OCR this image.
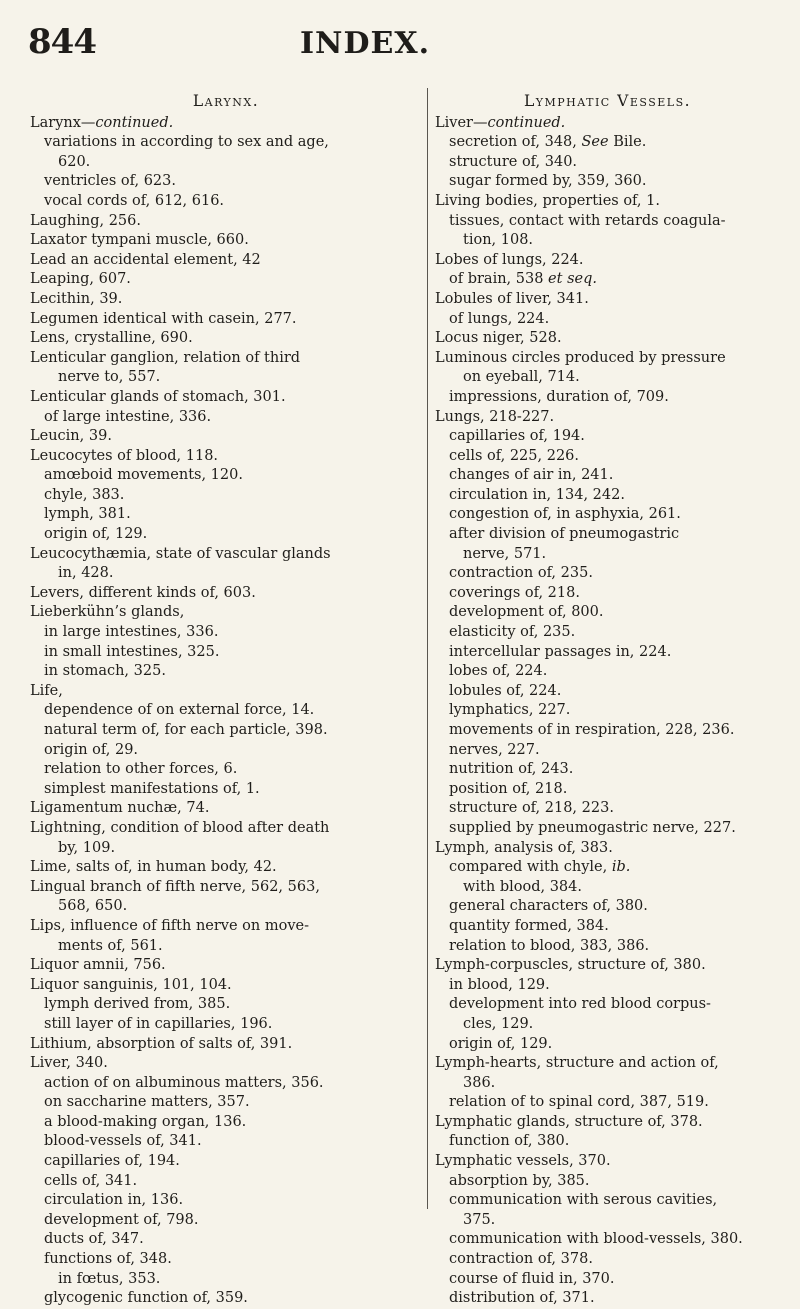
844	INDEX.
Larynx.
Larynx—continued.
variations in according to sex and age,
620.
ventricles of, 623.
vocal cords of, 612, 616.
Laughing, 256.
Laxator tympani muscle, 660.
Lead an accidental element, 42
Leaping, 607.
Lecithin, 39.
Legumen identical with casein, 277.
Lens, crystalline, 690.
Lenticular ganglion, relation of third
nerve to, 557.
Lenticular glands of stomach, 301.
of large intestine, 336.
Leucin, 39.
Leucocytes of blood, 118.
amœboid movements, 120.
chyle, 383.
lymph, 381.
origin of, 129.
Leucocythæmia, state of vascular glands
in, 428.
Levers, different kinds of, 603.
Lieberkühn’s glands,
in large intestines, 336.
in small intestines, 325.
in stomach, 325.
Life,
dependence of on external force, 14.
natural term of, for each particle, 398.
origin of, 29.
relation to other forces, 6.
simplest manifestations of, 1.
Ligamentum nuchæ, 74.
Lightning, condition of blood after death
by, 109.
Lime, salts of, in human body, 42.
Lingual branch of fifth nerve, 562, 563,
568, 650.
Lips, influence of fifth nerve on move-
ments of, 561.
Liquor amnii, 756.
Liquor sanguinis, 101, 104.
lymph derived from, 385.
still layer of in capillaries, 196.
Lithium, absorption of salts of, 391.
Liver, 340.
action of on albuminous matters, 356.
on saccharine matters, 357.
a blood-making organ, 136.
blood-vessels of, 341.
capillaries of, 194.
cells of, 341.
circulation in, 136.
development of, 798.
ducts of, 347.
functions of, 348.
in fœtus, 353.
glycogenic function of, 359.
Lymphatic Vessels.
Liver—continued.
secretion of, 348, See Bile.
structure of, 340.
sugar formed by, 359, 360.
Living bodies, properties of, 1.
tissues, contact with retards coagula-
tion, 108.
Lobes of lungs, 224.
of brain, 538 et seq.
Lobules of liver, 341.
of lungs, 224.
Locus niger, 528.
Luminous circles produced by pressure
on eyeball, 714.
impressions, duration of, 709.
Lungs, 218-227.
capillaries of, 194.
cells of, 225, 226.
changes of air in, 241.
circulation in, 134, 242.
congestion of, in asphyxia, 261.
after division of pneumogastric
nerve, 571.
contraction of, 235.
coverings of, 218.
development of, 800.
elasticity of, 235.
intercellular passages in, 224.
lobes of, 224.
lobules of, 224.
lymphatics, 227.
movements of in respiration, 228, 236.
nerves, 227.
nutrition of, 243.
position of, 218.
structure of, 218, 223.
supplied by pneumogastric nerve, 227.
Lymph, analysis of, 383.
compared with chyle, ib.
with blood, 384.
general characters of, 380.
quantity formed, 384.
relation to blood, 383, 386.
Lymph-corpuscles, structure of, 380.
in blood, 129.
development into red blood corpus-
cles, 129.
origin of, 129.
Lymph-hearts, structure and action of,
386.
relation of to spinal cord, 387, 519.
Lymphatic glands, structure of, 378.
function of, 380.
Lymphatic vessels, 370.
absorption by, 385.
communication with serous cavities,
375.
communication with blood-vessels, 380.
contraction of, 378.
course of fluid in, 370.
distribution of, 371.
